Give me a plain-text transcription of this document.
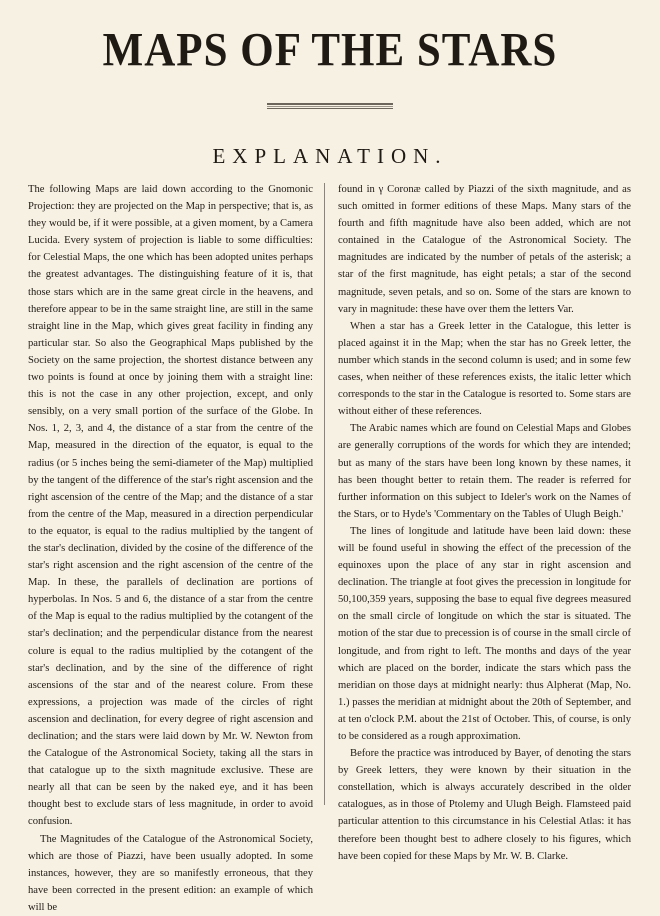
MAPS OF THE STARS
EXPLANATION.

The following Maps are laid down according to the Gnomonic Projection: they are projected on the Map in perspective; that is, as they would be, if it were possible, at a given moment, by a Camera Lucida. Every system of projection is liable to some difficulties: for Celestial Maps, the one which has been adopted unites perhaps the greatest advantages. The distinguishing feature of it is, that those stars which are in the same great circle in the heavens, and therefore appear to be in the same straight line, are still in the same straight line in the Map, which gives great facility in finding any particular star. So also the Geographical Maps published by the Society on the same projection, the shortest distance between any two points is found at once by joining them with a straight line: this is not the case in any other projection, except, and only sensibly, on a very small portion of the surface of the Globe. In Nos. 1, 2, 3, and 4, the distance of a star from the centre of the Map, measured in the direction of the equator, is equal to the radius (or 5 inches being the semi-diameter of the Map) multiplied by the tangent of the difference of the star's right ascension and the right ascension of the centre of the Map; and the distance of a star from the centre of the Map, measured in a direction perpendicular to the equator, is equal to the radius multiplied by the tangent of the star's declination, divided by the cosine of the difference of the star's right ascension and the right ascension of the centre of the Map. In these, the parallels of declination are portions of hyperbolas. In Nos. 5 and 6, the distance of a star from the centre of the Map is equal to the radius multiplied by the cotangent of the star's declination; and the perpendicular distance from the nearest colure is equal to the radius multiplied by the cotangent of the star's declination, and by the sine of the difference of right ascensions of the star and of the nearest colure. From these expressions, a projection was made of the circles of right ascension and declination, for every degree of right ascension and declination; and the stars were laid down by Mr. W. Newton from the Catalogue of the Astronomical Society, taking all the stars in that catalogue up to the sixth magnitude exclusive. These are nearly all that can be seen by the naked eye, and it has been thought best to exclude stars of less magnitude, in order to avoid confusion.

The Magnitudes of the Catalogue of the Astronomical Society, which are those of Piazzi, have been usually adopted. In some instances, however, they are so manifestly erroneous, that they have been corrected in the present edition: an example of which will be

found in γ Coronæ called by Piazzi of the sixth magnitude, and as such omitted in former editions of these Maps. Many stars of the fourth and fifth magnitude have also been added, which are not contained in the Catalogue of the Astronomical Society. The magnitudes are indicated by the number of petals of the asterisk; a star of the first magnitude, has eight petals; a star of the second magnitude, seven petals, and so on. Some of the stars are known to vary in magnitude: these have over them the letters Var.

When a star has a Greek letter in the Catalogue, this letter is placed against it in the Map; when the star has no Greek letter, the number which stands in the second column is used; and in some few cases, when neither of these references exists, the italic letter which corresponds to the star in the Catalogue is resorted to. Some stars are without either of these references.

The Arabic names which are found on Celestial Maps and Globes are generally corruptions of the words for which they are intended; but as many of the stars have been long known by these names, it has been thought better to retain them. The reader is referred for further information on this subject to Ideler's work on the Names of the Stars, or to Hyde's 'Commentary on the Tables of Ulugh Beigh.'

The lines of longitude and latitude have been laid down: these will be found useful in showing the effect of the precession of the equinoxes upon the place of any star in right ascension and declination. The triangle at foot gives the precession in longitude for 50,100,359 years, supposing the base to equal five degrees measured on the small circle of longitude on which the star is situated. The motion of the star due to precession is of course in the small circle of longitude, and from right to left. The months and days of the year which are placed on the border, indicate the stars which pass the meridian on those days at midnight nearly: thus Alpherat (Map, No. 1.) passes the meridian at midnight about the 20th of September, and at ten o'clock P.M. about the 21st of October. This, of course, is only to be considered as a rough approximation.

Before the practice was introduced by Bayer, of denoting the stars by Greek letters, they were known by their situation in the constellation, which is always accurately described in the older catalogues, as in those of Ptolemy and Ulugh Beigh. Flamsteed paid particular attention to this circumstance in his Celestial Atlas: it has therefore been thought best to adhere closely to his figures, which have been copied for these Maps by Mr. W. B. Clarke.
